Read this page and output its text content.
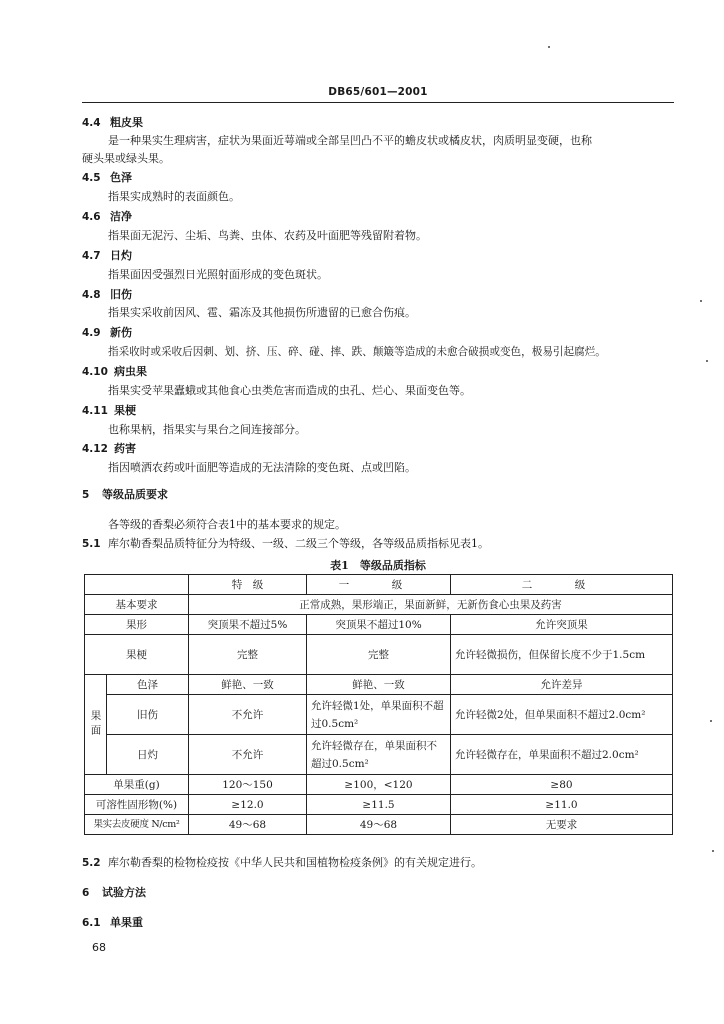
DB65/601—2001
4.4 粗皮果
是一种果实生理病害，症状为果面近萼端或全部呈凹凸不平的蟾皮状或橘皮状，肉质明显变硬，也称
硬头果或绿头果。
4.5 色泽
指果实成熟时的表面颜色。
4.6 洁净
指果面无泥污、尘垢、鸟粪、虫体、农药及叶面肥等残留附着物。
4.7 日灼
指果面因受强烈日光照射面形成的变色斑状。
4.8 旧伤
指果实采收前因风、雹、霜冻及其他损伤所遗留的已愈合伤痕。
4.9 新伤
指采收时或采收后因刺、划、挤、压、碎、碰、摔、跌、颠簸等造成的未愈合破损或变色，极易引起腐烂。
4.10 病虫果
指果实受苹果蠹蛾或其他食心虫类危害而造成的虫孔、烂心、果面变色等。
4.11 果梗
也称果柄，指果实与果台之间连接部分。
4.12 药害
指因喷洒农药或叶面肥等造成的无法清除的变色斑、点或凹陷。
5 等级品质要求
各等级的香梨必须符合表1中的基本要求的规定。
5.1 库尔勒香梨品质特征分为特级、一级、二级三个等级，各等级品质指标见表1。
表1　等级品质指标
		特　级	一　级	二　级
基本要求		正常成熟，果形端正，果面新鲜，无新伤食心虫果及药害		
果形		突顶果不超过5%	突顶果不超过10%	允许突顶果
果梗		完整	完整	允许轻微损伤，但保留长度不少于1.5cm
果面	色泽	鲜艳、一致	鲜艳、一致	允许差异
	旧伤	不允许	允许轻微1处，单果面积不超过0.5cm²	允许轻微2处，但单果面积不超过2.0cm²
	日灼	不允许	允许轻微存在，单果面积不超过0.5cm²	允许轻微存在，单果面积不超过2.0cm²
单果重(g)		120～150	≥100，<120	≥80
可溶性固形物(%)		≥12.0	≥11.5	≥11.0
果实去皮硬度 N/cm²		49～68	49～68	无要求
5.2 库尔勒香梨的检物检疫按《中华人民共和国植物检疫条例》的有关规定进行。
6 试验方法
6.1 单果重
68
